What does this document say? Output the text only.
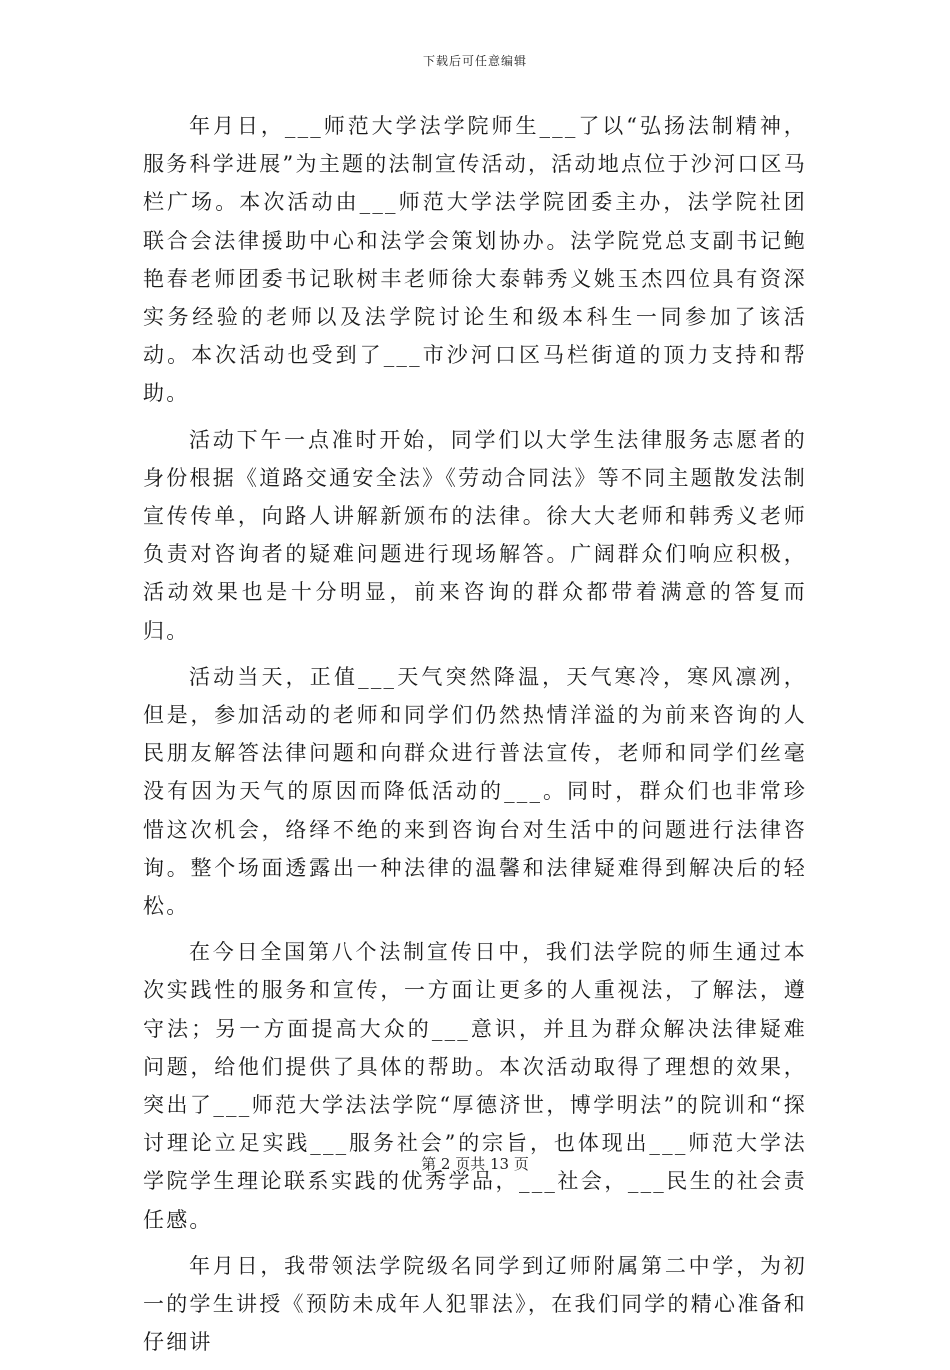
下载后可任意编辑

年月日，___师范大学法学院师生___了以“弘扬法制精神，服务科学进展”为主题的法制宣传活动，活动地点位于沙河口区马栏广场。本次活动由___师范大学法学院团委主办，法学院社团联合会法律援助中心和法学会策划协办。法学院党总支副书记鲍艳春老师团委书记耿树丰老师徐大泰韩秀义姚玉杰四位具有资深实务经验的老师以及法学院讨论生和级本科生一同参加了该活动。本次活动也受到了___市沙河口区马栏街道的顶力支持和帮助。

活动下午一点准时开始，同学们以大学生法律服务志愿者的身份根据《道路交通安全法》《劳动合同法》等不同主题散发法制宣传传单，向路人讲解新颁布的法律。徐大大老师和韩秀义老师负责对咨询者的疑难问题进行现场解答。广阔群众们响应积极，活动效果也是十分明显，前来咨询的群众都带着满意的答复而归。

活动当天，正值___天气突然降温，天气寒冷，寒风凛冽，但是，参加活动的老师和同学们仍然热情洋溢的为前来咨询的人民朋友解答法律问题和向群众进行普法宣传，老师和同学们丝毫没有因为天气的原因而降低活动的___。同时，群众们也非常珍惜这次机会，络绎不绝的来到咨询台对生活中的问题进行法律咨询。整个场面透露出一种法律的温馨和法律疑难得到解决后的轻松。

在今日全国第八个法制宣传日中，我们法学院的师生通过本次实践性的服务和宣传，一方面让更多的人重视法，了解法，遵守法；另一方面提高大众的___意识，并且为群众解决法律疑难问题，给他们提供了具体的帮助。本次活动取得了理想的效果，突出了___师范大学法法学院“厚德济世，博学明法”的院训和“探讨理论立足实践___服务社会”的宗旨，也体现出___师范大学法学院学生理论联系实践的优秀学品，___社会，___民生的社会责任感。

年月日，我带领法学院级名同学到辽师附属第二中学，为初一的学生讲授《预防未成年人犯罪法》，在我们同学的精心准备和仔细讲

第 2 页共 13 页
